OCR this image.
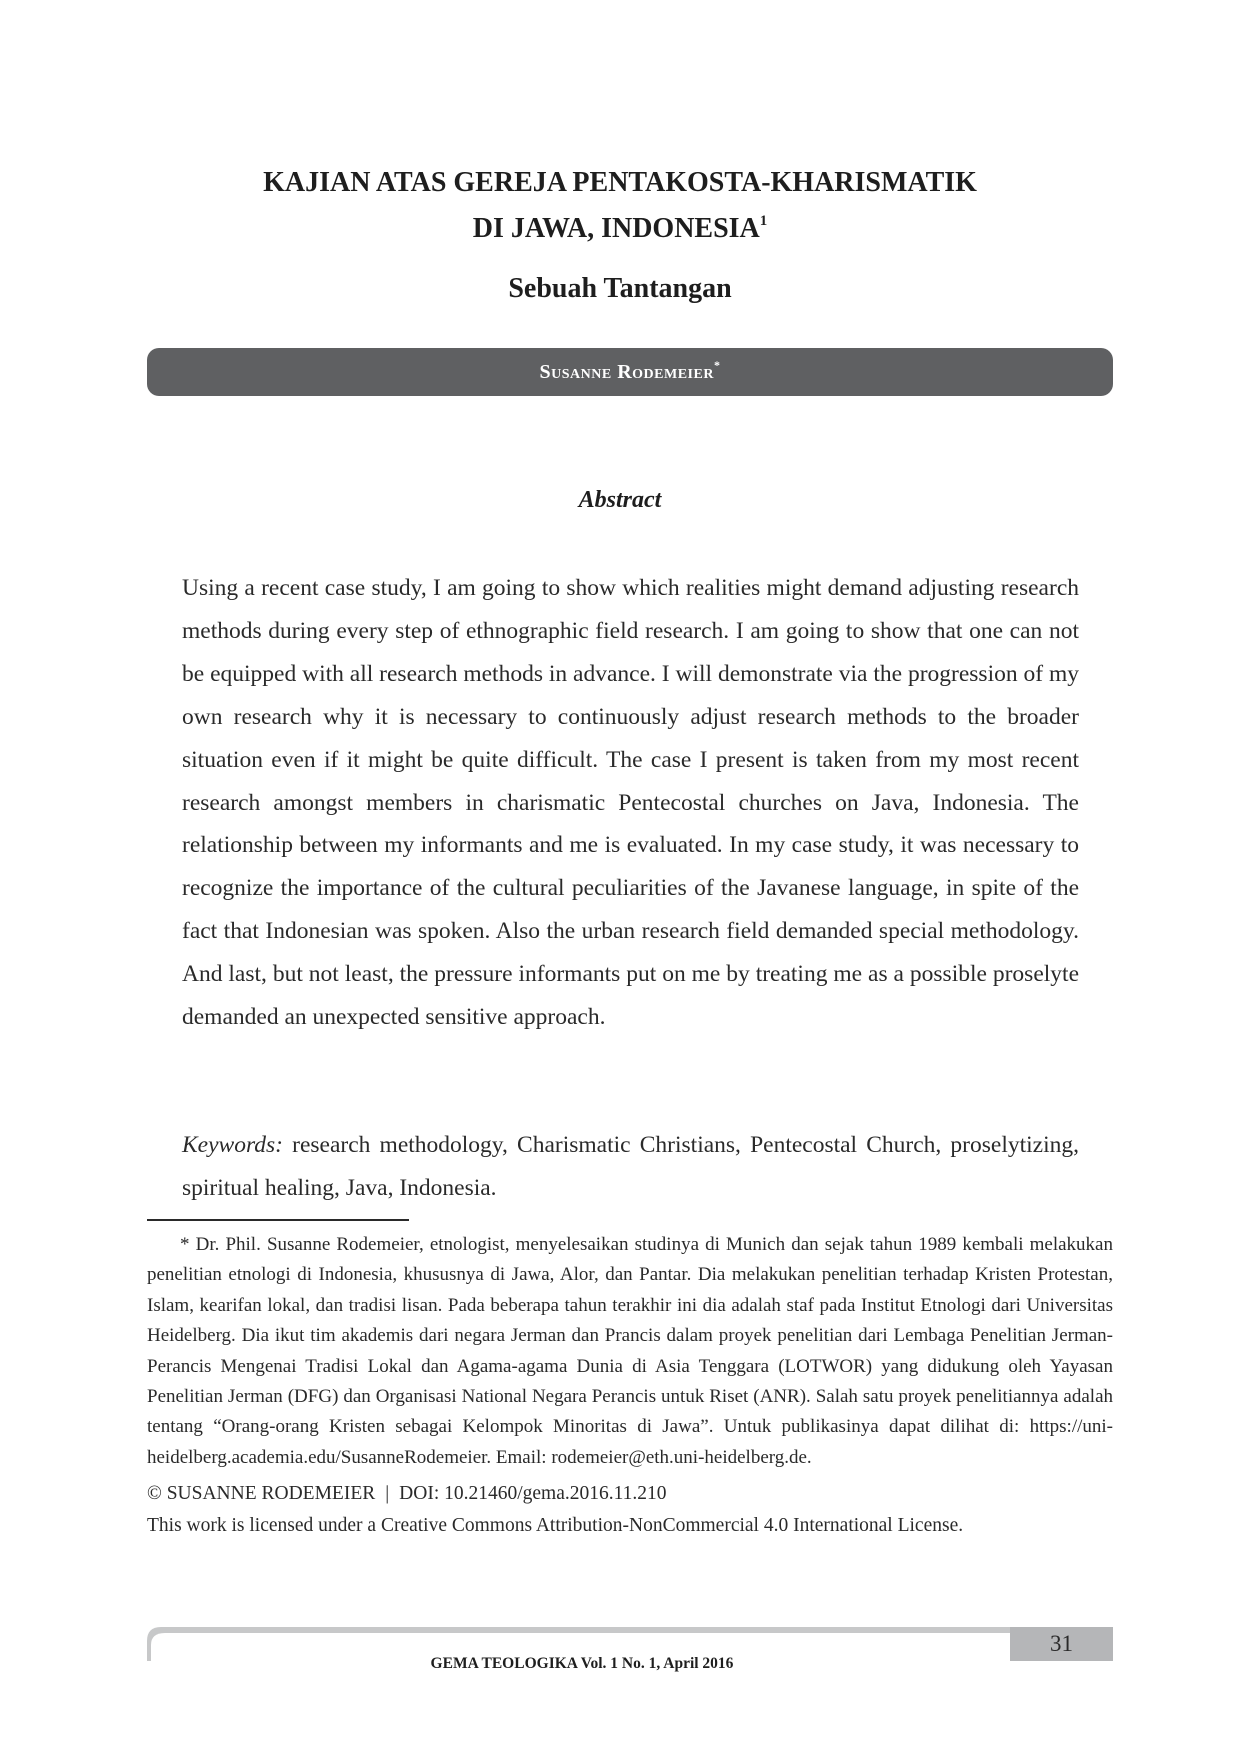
KAJIAN ATAS GEREJA PENTAKOSTA-KHARISMATIK
DI JAWA, INDONESIA$^1$
Sebuah Tantangan
Susanne Rodemeier*
Abstract
Using a recent case study, I am going to show which realities might demand adjusting research methods during every step of ethnographic field research. I am going to show that one can not be equipped with all research methods in advance. I will demonstrate via the progression of my own research why it is necessary to continuously adjust research methods to the broader situation even if it might be quite difficult. The case I present is taken from my most recent research amongst members in charismatic Pentecostal churches on Java, Indonesia. The relationship between my informants and me is evaluated. In my case study, it was necessary to recognize the importance of the cultural peculiarities of the Javanese language, in spite of the fact that Indonesian was spoken. Also the urban research field demanded special methodology. And last, but not least, the pressure informants put on me by treating me as a possible proselyte demanded an unexpected sensitive approach.
Keywords: research methodology, Charismatic Christians, Pentecostal Church, proselytizing, spiritual healing, Java, Indonesia.
* Dr. Phil. Susanne Rodemeier, etnologist, menyelesaikan studinya di Munich dan sejak tahun 1989 kembali melakukan penelitian etnologi di Indonesia, khususnya di Jawa, Alor, dan Pantar. Dia melakukan penelitian terhadap Kristen Protestan, Islam, kearifan lokal, dan tradisi lisan. Pada beberapa tahun terakhir ini dia adalah staf pada Institut Etnologi dari Universitas Heidelberg. Dia ikut tim akademis dari negara Jerman dan Prancis dalam proyek penelitian dari Lembaga Penelitian Jerman-Perancis Mengenai Tradisi Lokal dan Agama-agama Dunia di Asia Tenggara (LOTWOR) yang didukung oleh Yayasan Penelitian Jerman (DFG) dan Organisasi National Negara Perancis untuk Riset (ANR). Salah satu proyek penelitiannya adalah tentang “Orang-orang Kristen sebagai Kelompok Minoritas di Jawa”. Untuk publikasinya dapat dilihat di: https://uni-heidelberg.academia.edu/SusanneRodemeier. Email: rodemeier@eth.uni-heidelberg.de.
© SUSANNE RODEMEIER | DOI: 10.21460/gema.2016.11.210
This work is licensed under a Creative Commons Attribution-NonCommercial 4.0 International License.
31
GEMA TEOLOGIKA Vol. 1 No. 1, April 2016
